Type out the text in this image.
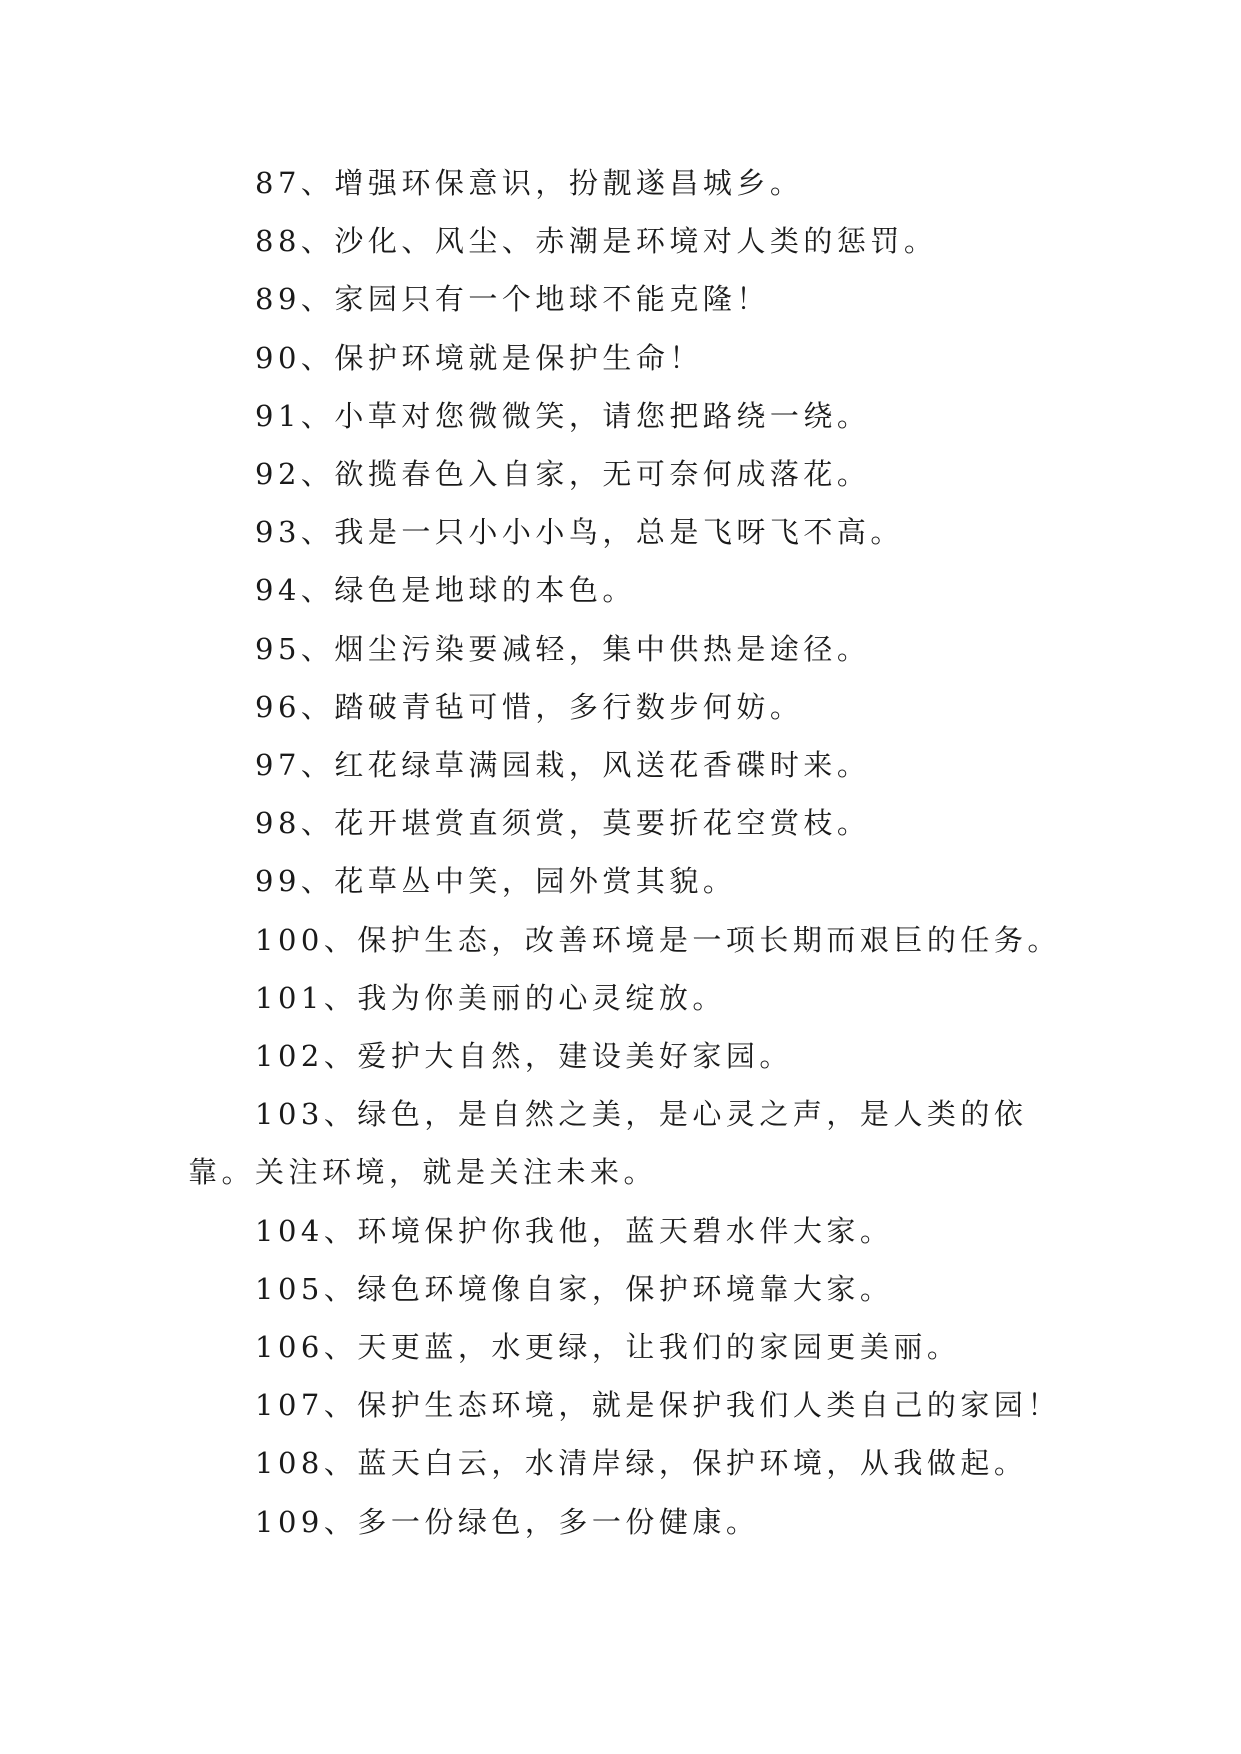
87、增强环保意识，扮靓遂昌城乡。

88、沙化、风尘、赤潮是环境对人类的惩罚。

89、家园只有一个地球不能克隆！

90、保护环境就是保护生命！

91、小草对您微微笑，请您把路绕一绕。

92、欲揽春色入自家，无可奈何成落花。

93、我是一只小小小鸟，总是飞呀飞不高。

94、绿色是地球的本色。

95、烟尘污染要减轻，集中供热是途径。

96、踏破青毡可惜，多行数步何妨。

97、红花绿草满园栽，风送花香碟时来。

98、花开堪赏直须赏，莫要折花空赏枝。

99、花草丛中笑，园外赏其貌。

100、保护生态，改善环境是一项长期而艰巨的任务。

101、我为你美丽的心灵绽放。

102、爱护大自然，建设美好家园。

103、绿色，是自然之美，是心灵之声，是人类的依靠。关注环境，就是关注未来。

104、环境保护你我他，蓝天碧水伴大家。

105、绿色环境像自家，保护环境靠大家。

106、天更蓝，水更绿，让我们的家园更美丽。

107、保护生态环境，就是保护我们人类自己的家园！

108、蓝天白云，水清岸绿，保护环境，从我做起。

109、多一份绿色，多一份健康。
